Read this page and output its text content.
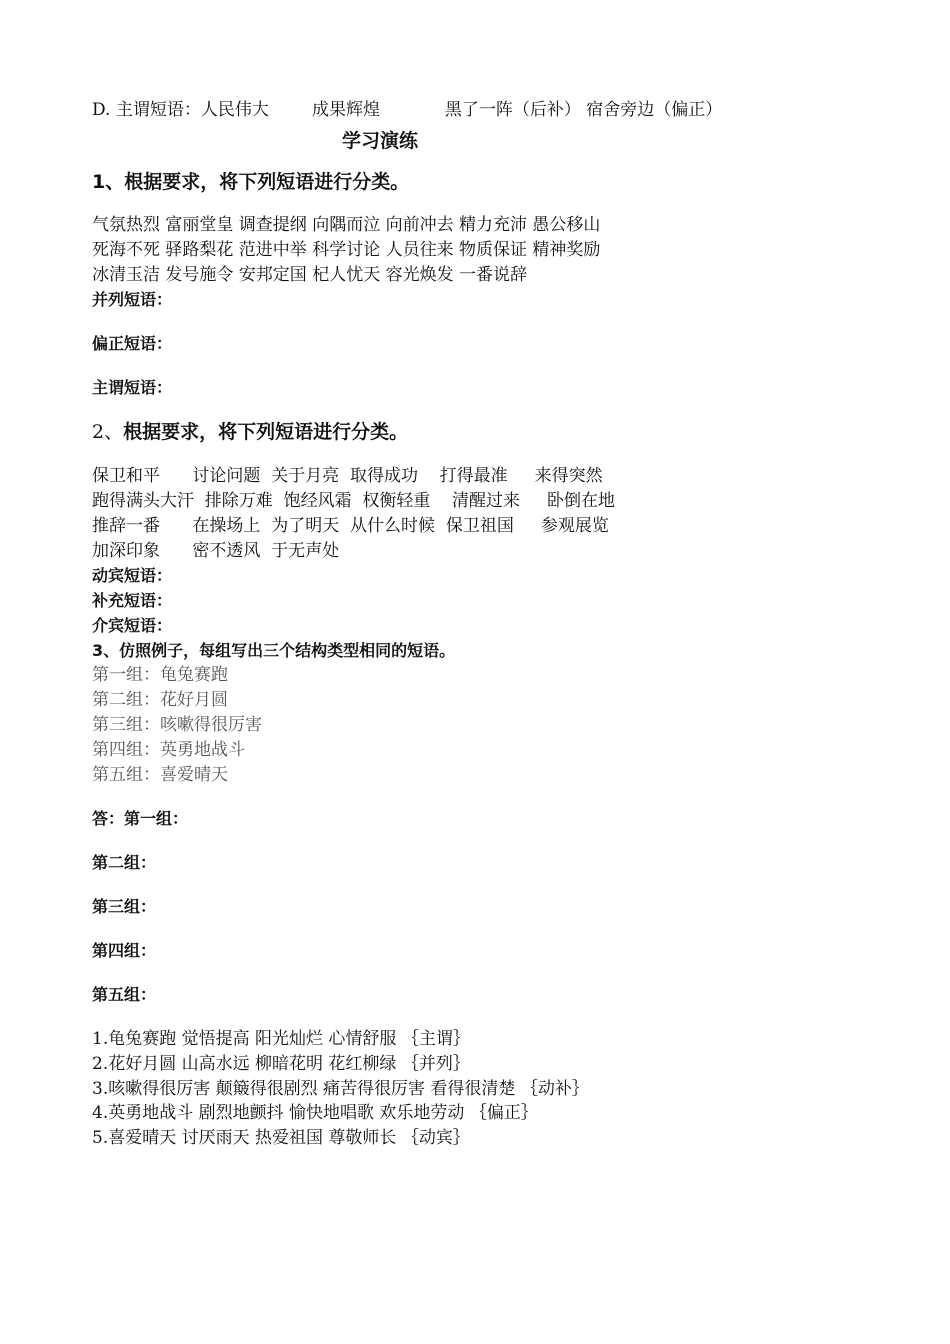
D. 主谓短语：人民伟大        成果辉煌            黑了一阵（后补） 宿舍旁边（偏正）
学习演练
1、根据要求，将下列短语进行分类。
气氛热烈 富丽堂皇 调查提纲 向隅而泣 向前冲去 精力充沛 愚公移山
死海不死 驿路梨花 范进中举 科学讨论 人员往来 物质保证 精神奖励
冰清玉洁 发号施令 安邦定国 杞人忧天 容光焕发 一番说辞
并列短语：
偏正短语：
主谓短语：
2、根据要求，将下列短语进行分类。
保卫和平      讨论问题  关于月亮  取得成功    打得最准     来得突然
跑得满头大汗  排除万难  饱经风霜  权衡轻重    清醒过来     卧倒在地
推辞一番      在操场上  为了明天  从什么时候  保卫祖国     参观展览
加深印象      密不透风  于无声处
动宾短语：
补充短语：
介宾短语：
3、仿照例子，每组写出三个结构类型相同的短语。
第一组：龟兔赛跑
第二组：花好月圆
第三组：咳嗽得很厉害
第四组：英勇地战斗
第五组：喜爱晴天
答：第一组：
第二组：
第三组：
第四组：
第五组：
1.龟兔赛跑 觉悟提高 阳光灿烂 心情舒服 ｛主谓｝
2.花好月圆 山高水远 柳暗花明 花红柳绿 ｛并列｝
3.咳嗽得很厉害 颠簸得很剧烈 痛苦得很厉害 看得很清楚 ｛动补｝
4.英勇地战斗 剧烈地颤抖 愉快地唱歌 欢乐地劳动 ｛偏正｝
5.喜爱晴天 讨厌雨天 热爱祖国 尊敬师长 ｛动宾｝
